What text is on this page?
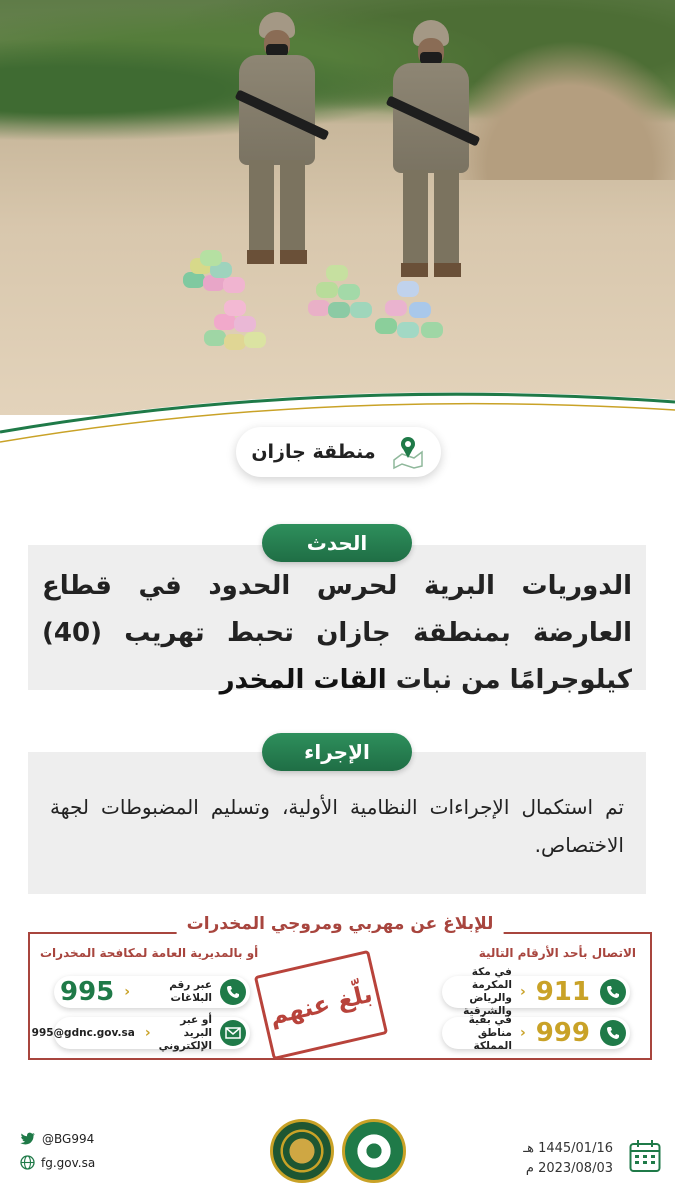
منطقة جازان

الدوريات البرية لحرس الحدود في قطاع العارضة بمنطقة جازان تحبط تهريب (40) كيلوجرامًا من نبات القات المخدر

الحدث

تم استكمال الإجراءات النظامية الأولية، وتسليم المضبوطات لجهة الاختصاص.

الإجراء
للإبلاغ عن مهربي ومروجي المخدرات
الاتصال بأحد الأرقام التالية
أو بالمديرية العامة لمكافحة المخدرات
911
‹
في مكة المكرمة والرياض والشرقية
999
‹
في بقية مناطق المملكة
عبر رقم البلاغات
‹
995
أو عبر البريد الإلكتروني
‹
995@gdnc.gov.sa
بلّغ عنهم
@BG994
fg.gov.sa
1445/01/16 هـ
2023/08/03 م
